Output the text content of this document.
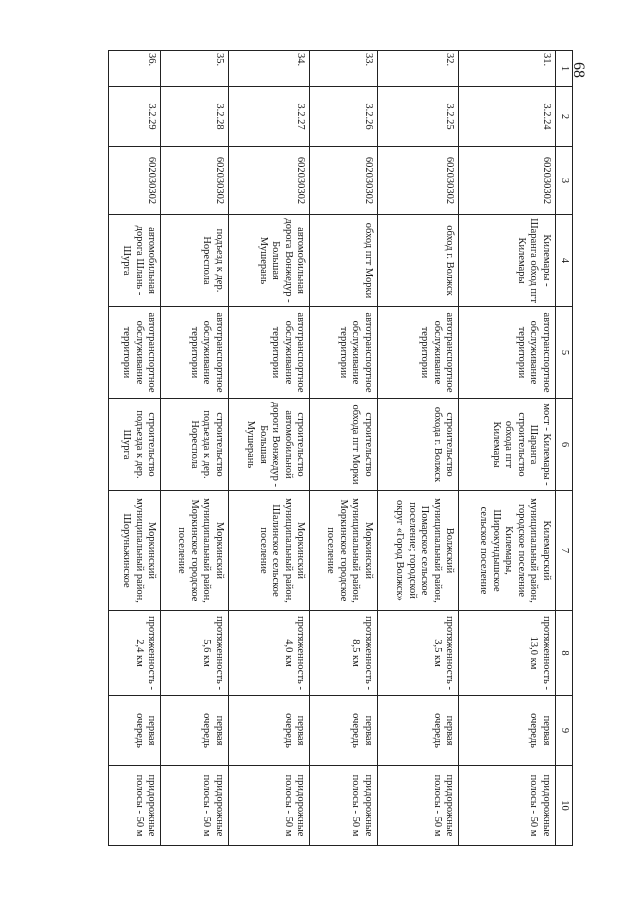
68
1	2	3	4	5	6	7	8	9	10
31.	3.2.24	602030302	Килемары - Шаранга обход пгт Килемары	автотранспортное обслуживание территории	мост - Килемары - Шаранга строительство обхода пгт Килемары	Килемарский муниципальный район, городское поселение Килемары, Широкундышское сельское поселение	протяженность - 13,0 км	первая очередь	придорожные полосы - 50 м
32.	3.2.25	602030302	обход г. Волжск	автотранспортное обслуживание территории	строительство обхода г. Волжск	Волжский муниципальный район, Помарское сельское поселение; городской округ «Город Волжск»	протяженность - 3,5 км	первая очередь	придорожные полосы - 50 м
33.	3.2.26	602030302	обход пгт Морки	автотранспортное обслуживание территории	строительство обхода пгт Морки	Моркинский муниципальный район, Моркинское городское поселение	протяженность - 8,5 км	первая очередь	придорожные полосы - 50 м
34.	3.2.27	602030302	автомобильная дорога Вонжедур - Большая Мушерань	автотранспортное обслуживание территории	строительство автомобильной дороги Вонжедур - Большая Мушерань	Моркинский муниципальный район, Шалинское сельское поселение	протяженность - 4,0 км	первая очередь	придорожные полосы - 50 м
35.	3.2.28	602030302	подъезд к дер. Нореспола	автотранспортное обслуживание территории	строительство подъезда к дер. Нореспола	Моркинский муниципальный район, Моркинское городское поселение	протяженность - 5,6 км	первая очередь	придорожные полосы - 50 м
36.	3.2.29	602030302	автомобильная дорога Шлань - Шурга	автотранспортное обслуживание территории	строительство подъезда к дер. Шурга	Моркинский муниципальный район, Шоруньжинское	протяженность - 2,4 км	первая очередь	придорожные полосы - 50 м
